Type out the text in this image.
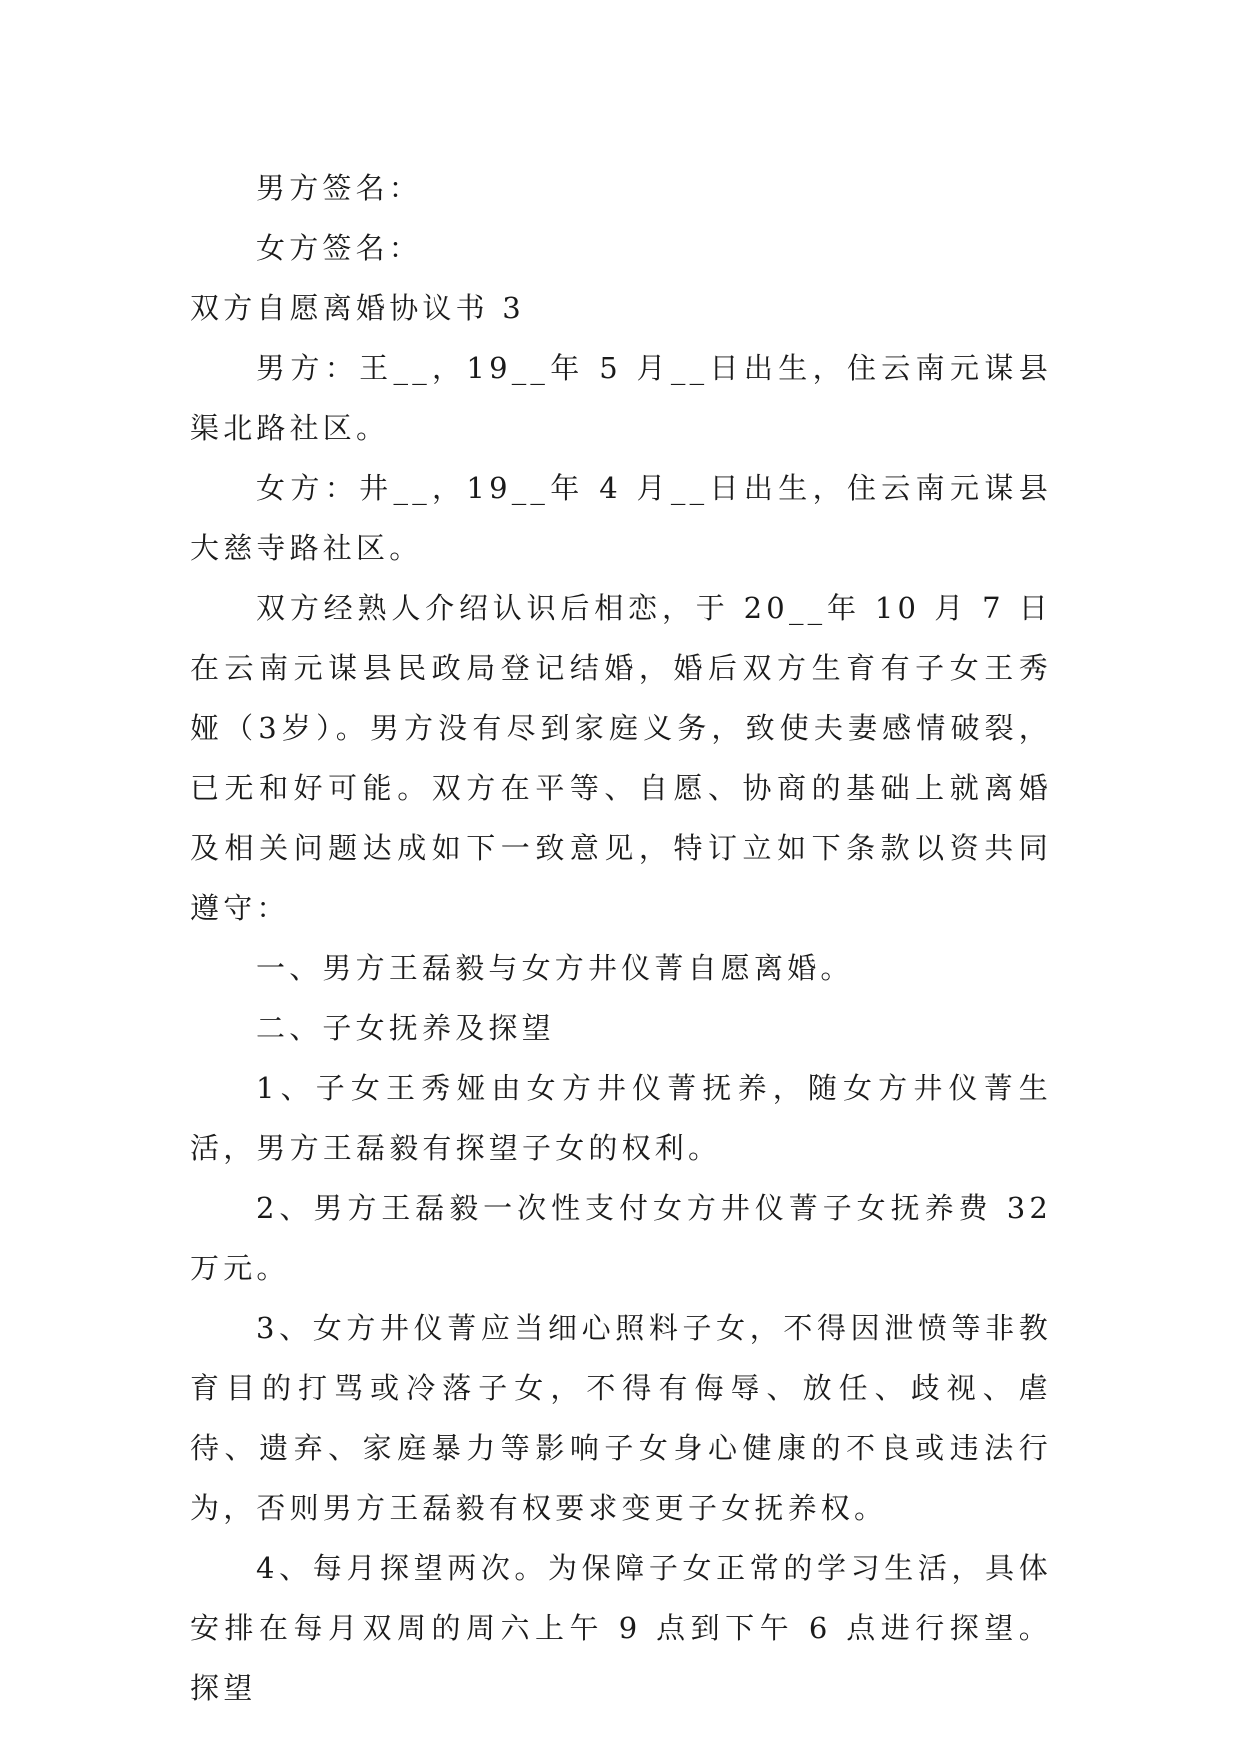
男方签名：

女方签名：

双方自愿离婚协议书 3

男方：王__，19__年 5 月__日出生，住云南元谋县渠北路社区。

女方：井__，19__年 4 月__日出生，住云南元谋县大慈寺路社区。

双方经熟人介绍认识后相恋，于 20__年 10 月 7 日在云南元谋县民政局登记结婚，婚后双方生育有子女王秀娅（3岁）。男方没有尽到家庭义务，致使夫妻感情破裂，已无和好可能。双方在平等、自愿、协商的基础上就离婚及相关问题达成如下一致意见，特订立如下条款以资共同遵守：

一、男方王磊毅与女方井仪菁自愿离婚。

二、子女抚养及探望

1、子女王秀娅由女方井仪菁抚养，随女方井仪菁生活，男方王磊毅有探望子女的权利。

2、男方王磊毅一次性支付女方井仪菁子女抚养费 32 万元。

3、女方井仪菁应当细心照料子女，不得因泄愤等非教育目的打骂或冷落子女，不得有侮辱、放任、歧视、虐待、遗弃、家庭暴力等影响子女身心健康的不良或违法行为，否则男方王磊毅有权要求变更子女抚养权。

4、每月探望两次。为保障子女正常的学习生活，具体安排在每月双周的周六上午 9 点到下午 6 点进行探望。探望
